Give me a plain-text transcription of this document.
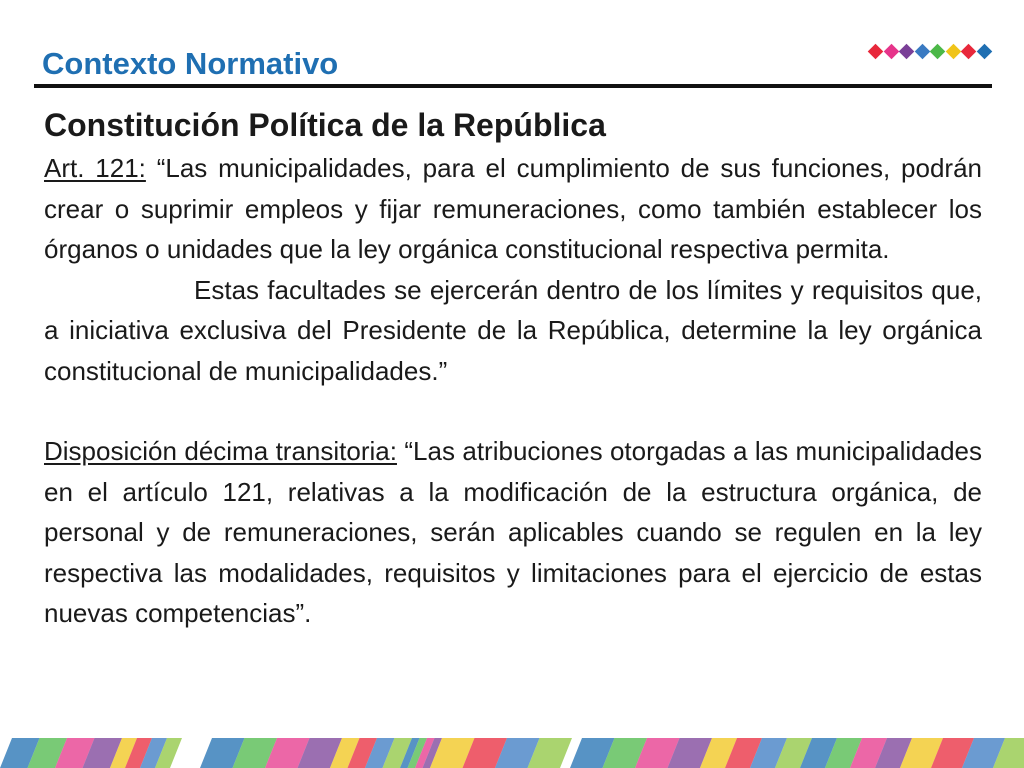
Contexto Normativo
Constitución Política de la República

Art. 121: “Las municipalidades, para el cumplimiento de sus funciones, podrán crear o suprimir empleos y fijar remuneraciones, como también establecer los órganos o unidades que la ley orgánica constitucional respectiva permita.

Estas facultades se ejercerán dentro de los límites y requisitos que, a iniciativa exclusiva del Presidente de la República, determine la ley orgánica constitucional de municipalidades.”

Disposición décima transitoria: “Las atribuciones otorgadas a las municipalidades en el artículo 121, relativas a la modificación de la estructura orgánica, de personal y de remuneraciones, serán aplicables cuando se regulen en la ley respectiva las modalidades, requisitos y limitaciones para el ejercicio de estas nuevas competencias”.
